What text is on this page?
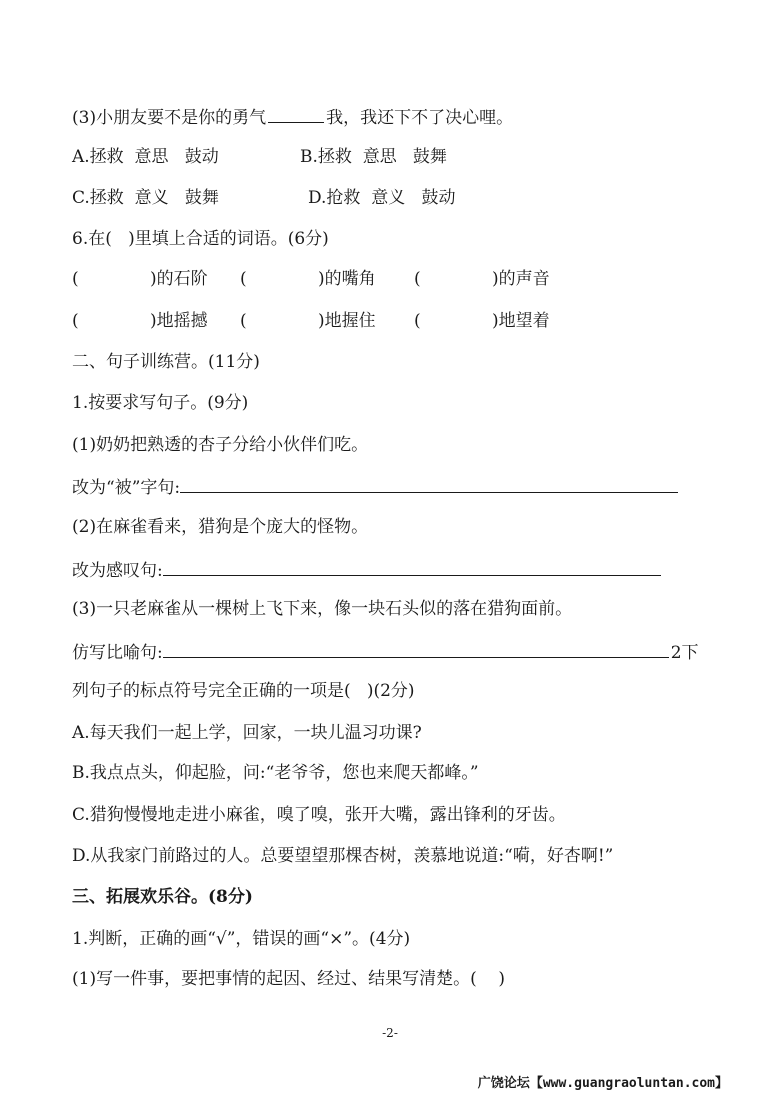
(3)小朋友要不是你的勇气	我，我还下不了决心哩。
A.拯救  意思   鼓动	B.拯救  意思   鼓舞
C.拯救  意义   鼓舞	D.抢救  意义   鼓动
6.在(   )里填上合适的词语。(6分)
(	)的石阶 (	)的嘴角 (	)的声音
(	)地摇撼 (	)地握住 (	)地望着
二、句子训练营。(11分)
1.按要求写句子。(9分)
(1)奶奶把熟透的杏子分给小伙伴们吃。
改为“被”字句:
(2)在麻雀看来，猎狗是个庞大的怪物。
改为感叹句:
(3)一只老麻雀从一棵树上飞下来，像一块石头似的落在猎狗面前。
仿写比喻句:	2下
列句子的标点符号完全正确的一项是(   )(2分)
A.每天我们一起上学，回家，一块儿温习功课?
B.我点点头，仰起脸，问:“老爷爷，您也来爬天都峰。”
C.猎狗慢慢地走进小麻雀，嗅了嗅，张开大嘴，露出锋利的牙齿。
D.从我家门前路过的人。总要望望那棵杏树，羡慕地说道:“嗬，好杏啊!”
三、拓展欢乐谷。(8分)
1.判断，正确的画“√”，错误的画“×”。(4分)
(1)写一件事，要把事情的起因、经过、结果写清楚。(    )
-2-
广饶论坛【www.guangraoluntan.com】
